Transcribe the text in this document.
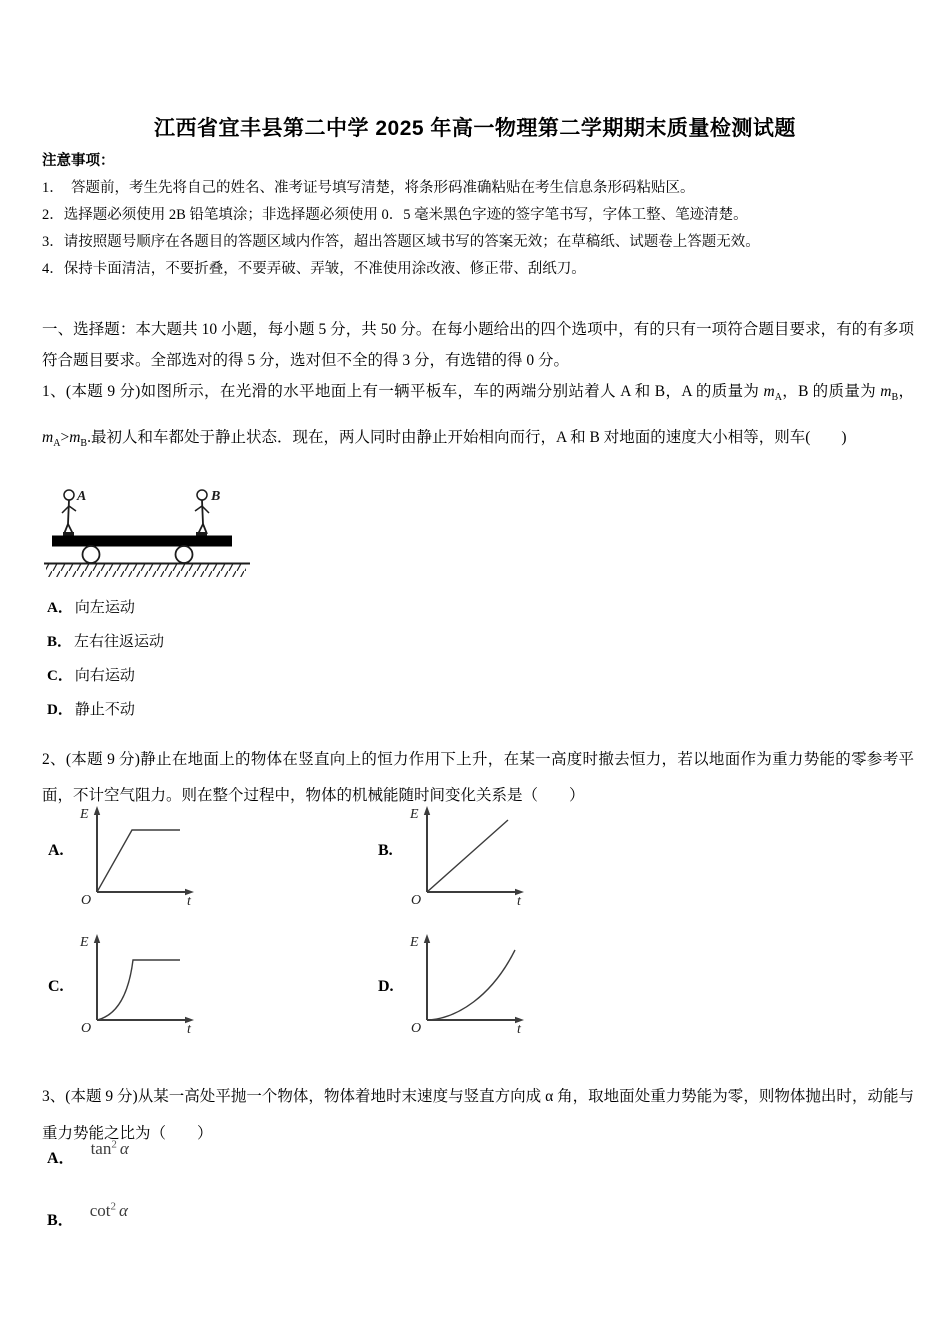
江西省宜丰县第二中学 2025 年高一物理第二学期期末质量检测试题
注意事项：
1．　答题前，考生先将自己的姓名、准考证号填写清楚，将条形码准确粘贴在考生信息条形码粘贴区。
2．选择题必须使用 2B 铅笔填涂；非选择题必须使用 0．5 毫米黑色字迹的签字笔书写，字体工整、笔迹清楚。
3．请按照题号顺序在各题目的答题区域内作答，超出答题区域书写的答案无效；在草稿纸、试题卷上答题无效。
4．保持卡面清洁，不要折叠，不要弄破、弄皱，不准使用涂改液、修正带、刮纸刀。

一、选择题：本大题共 10 小题，每小题 5 分，共 50 分。在每小题给出的四个选项中，有的只有一项符合题目要求，有的有多项符合题目要求。全部选对的得 5 分，选对但不全的得 3 分，有选错的得 0 分。

1、(本题 9 分)如图所示，在光滑的水平地面上有一辆平板车，车的两端分别站着人 A 和 B，A 的质量为 $m_A$，B 的质量为 $m_B$，$m_A>m_B$.最初人和车都处于静止状态．现在，两人同时由静止开始相向而行，A 和 B 对地面的速度大小相等，则车(　　)

A	B
A． 向左运动
B． 左右往返运动
C． 向右运动
D． 静止不动

2、(本题 9 分)静止在地面上的物体在竖直向上的恒力作用下上升，在某一高度时撤去恒力，若以地面作为重力势能的零参考平面，不计空气阻力。则在整个过程中，物体的机械能随时间变化关系是（　　）

A.
E
O	t
B.
E
O	t
C.
E
O	t
D.
E
O	t

3、(本题 9 分)从某一高处平抛一个物体，物体着地时末速度与竖直方向成 α 角，取地面处重力势能为零，则物体抛出时，动能与重力势能之比为（　　）

A．$\tan^2 \alpha$
B．$\cot^2 \alpha$
